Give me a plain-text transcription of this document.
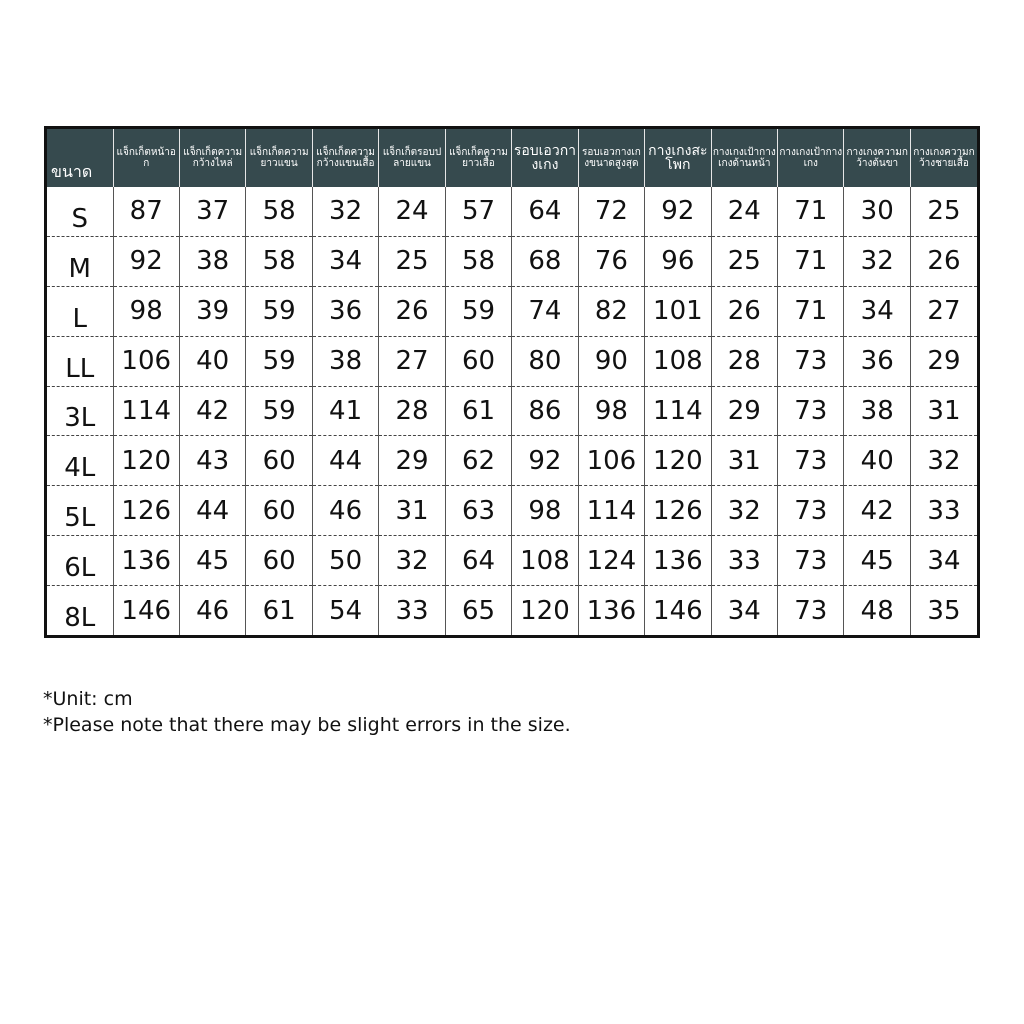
ขนาด	แจ็กเก็ตหน้าอก	แจ็กเก็ตความกว้างไหล่	แจ็กเก็ตความยาวแขน	แจ็กเก็ตความกว้างแขนเสื้อ	แจ็กเก็ตรอบปลายแขน	แจ็กเก็ตความยาวเสื้อ	รอบเอวกางเกง	รอบเอวกางเกงขนาดสูงสุด	กางเกงสะโพก	กางเกงเป้ากางเกงด้านหน้า	กางเกงเป้ากางเกง	กางเกงความกว้างต้นขา	กางเกงความกว้างชายเสื้อ
S	87	37	58	32	24	57	64	72	92	24	71	30	25
M	92	38	58	34	25	58	68	76	96	25	71	32	26
L	98	39	59	36	26	59	74	82	101	26	71	34	27
LL	106	40	59	38	27	60	80	90	108	28	73	36	29
3L	114	42	59	41	28	61	86	98	114	29	73	38	31
4L	120	43	60	44	29	62	92	106	120	31	73	40	32
5L	126	44	60	46	31	63	98	114	126	32	73	42	33
6L	136	45	60	50	32	64	108	124	136	33	73	45	34
8L	146	46	61	54	33	65	120	136	146	34	73	48	35
*Unit: cm
*Please note that there may be slight errors in the size.
